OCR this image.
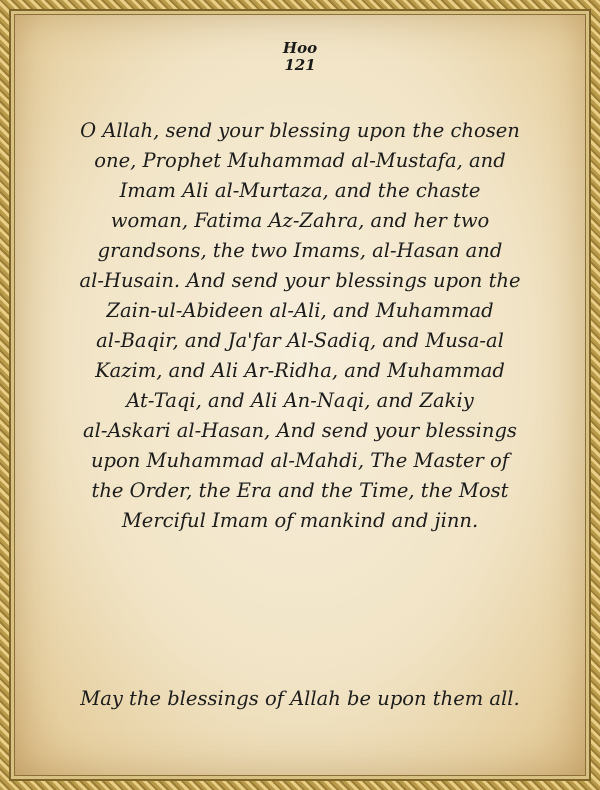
Hoo
121
O Allah, send your blessing upon the chosen
one, Prophet Muhammad al-Mustafa, and
Imam Ali al-Murtaza, and the chaste
woman, Fatima Az-Zahra, and her two
grandsons, the two Imams, al-Hasan and
al-Husain. And send your blessings upon the
Zain-ul-Abideen al-Ali, and Muhammad
al-Baqir, and Ja'far Al-Sadiq, and Musa-al
Kazim, and Ali Ar-Ridha, and Muhammad
At-Taqi, and Ali An-Naqi, and Zakiy
al-Askari al-Hasan, And send your blessings
upon Muhammad al-Mahdi, The Master of
the Order, the Era and the Time, the Most
Merciful Imam of mankind and jinn.
May the blessings of Allah be upon them all.
